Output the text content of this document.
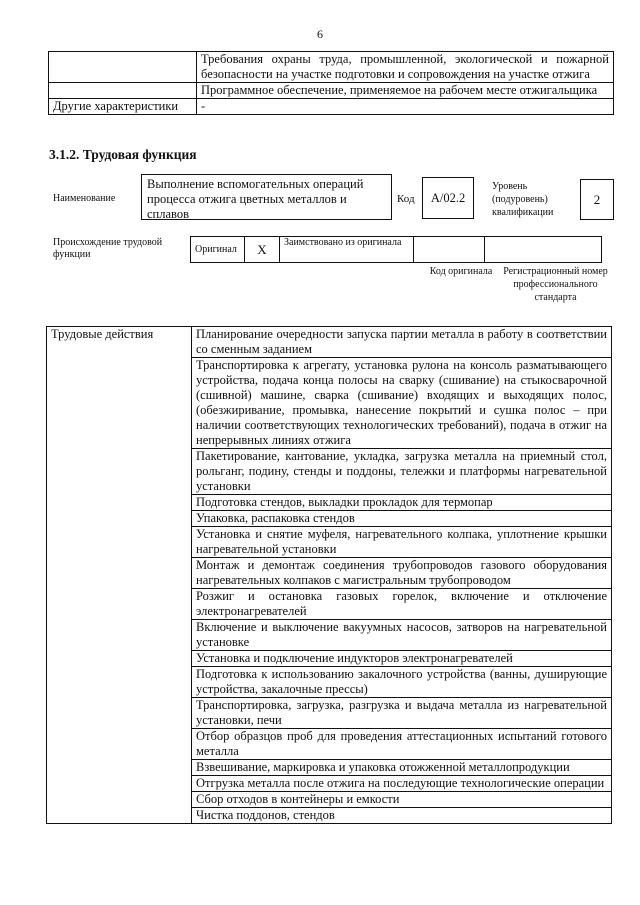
6
	Требования охраны труда, промышленной, экологической и пожарной безопасности на участке подготовки и сопровождения на участке отжига
	Программное обеспечение, применяемое на рабочем месте отжигальщика
Другие характеристики	-
3.1.2. Трудовая функция
Наименование
Выполнение вспомогательных операций процесса отжига цветных металлов и сплавов
Код	А/02.2
Уровень
(подуровень)
квалификации
2
Происхождение трудовой
функции	Оригинал	X	Заимствовано из оригинала		
Код оригинала	Регистрационный номер профессионального стандарта
Трудовые действия	Планирование очередности запуска партии металла в работу в соответствии со сменным заданием
Транспортировка к агрегату, установка рулона на консоль разматывающего устройства, подача конца полосы на сварку (сшивание) на стыкосварочной (сшивной) машине, сварка (сшивание) входящих и выходящих полос, (обезжиривание, промывка, нанесение покрытий и сушка полос – при наличии соответствующих технологических требований), подача в отжиг на непрерывных линиях отжига
Пакетирование, кантование, укладка, загрузка металла на приемный стол, рольганг, подину, стенды и поддоны, тележки и платформы нагревательной установки
Подготовка стендов, выкладки прокладок для термопар
Упаковка, распаковка стендов
Установка и снятие муфеля, нагревательного колпака, уплотнение крышки нагревательной установки
Монтаж и демонтаж соединения трубопроводов газового оборудования нагревательных колпаков с магистральным трубопроводом
Розжиг и остановка газовых горелок, включение и отключение электронагревателей
Включение и выключение вакуумных насосов, затворов на нагревательной установке
Установка и подключение индукторов электронагревателей
Подготовка к использованию закалочного устройства (ванны, душирующие устройства, закалочные прессы)
Транспортировка, загрузка, разгрузка и выдача металла из нагревательной установки, печи
Отбор образцов проб для проведения аттестационных испытаний готового металла
Взвешивание, маркировка и упаковка отожженной металлопродукции
Отгрузка металла после отжига на последующие технологические операции
Сбор отходов в контейнеры и емкости
Чистка поддонов, стендов
